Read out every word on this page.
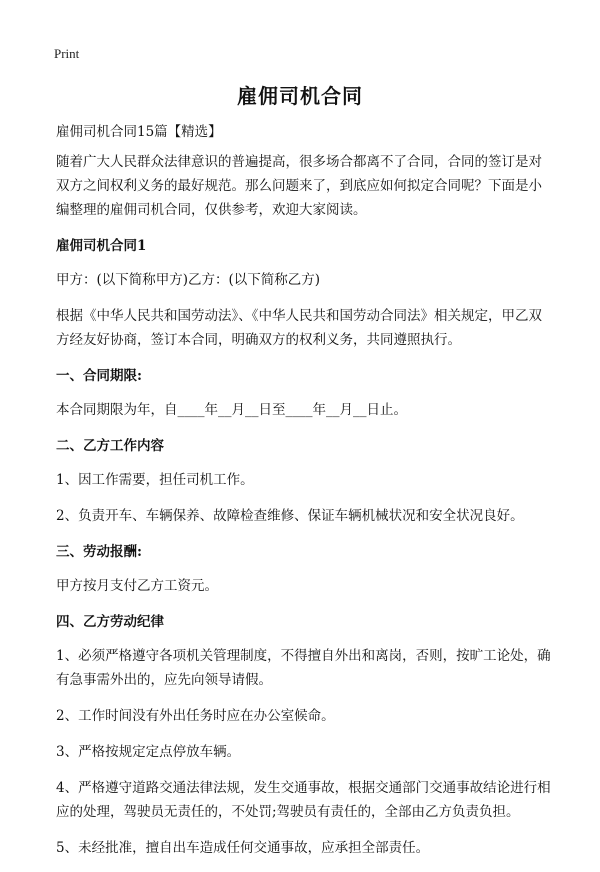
Print
雇佣司机合同

雇佣司机合同15篇【精选】

随着广大人民群众法律意识的普遍提高，很多场合都离不了合同，合同的签订是对双方之间权利义务的最好规范。那么问题来了，到底应如何拟定合同呢？下面是小编整理的雇佣司机合同，仅供参考，欢迎大家阅读。

雇佣司机合同1

甲方：(以下简称甲方)乙方：(以下简称乙方)

根据《中华人民共和国劳动法》、《中华人民共和国劳动合同法》相关规定，甲乙双方经友好协商，签订本合同，明确双方的权利义务，共同遵照执行。

一、合同期限:

本合同期限为年，自____年__月__日至____年__月__日止。

二、乙方工作内容

1、因工作需要，担任司机工作。

2、负责开车、车辆保养、故障检查维修、保证车辆机械状况和安全状况良好。

三、劳动报酬:

甲方按月支付乙方工资元。

四、乙方劳动纪律

1、必须严格遵守各项机关管理制度，不得擅自外出和离岗，否则，按旷工论处，确有急事需外出的，应先向领导请假。

2、工作时间没有外出任务时应在办公室候命。

3、严格按规定定点停放车辆。

4、严格遵守道路交通法律法规，发生交通事故，根据交通部门交通事故结论进行相应的处理，驾驶员无责任的，不处罚;驾驶员有责任的，全部由乙方负责负担。

5、未经批准，擅自出车造成任何交通事故，应承担全部责任。
